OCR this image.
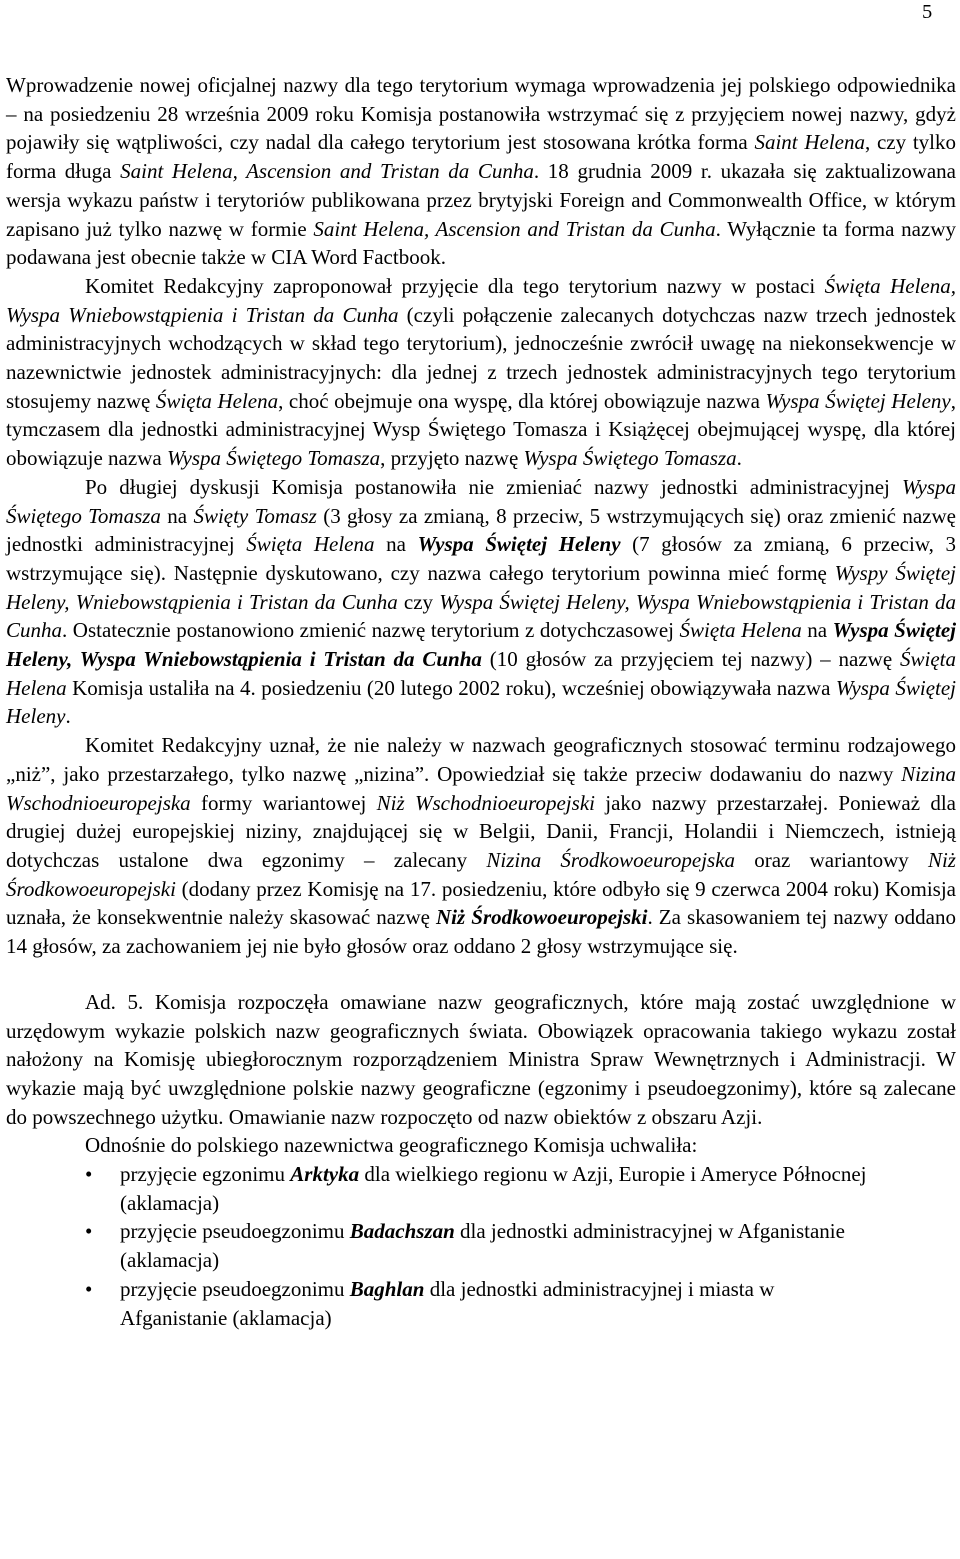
5

Wprowadzenie nowej oficjalnej nazwy dla tego terytorium wymaga wprowadzenia jej polskiego odpowiednika – na posiedzeniu 28 września 2009 roku Komisja postanowiła wstrzymać się z przyjęciem nowej nazwy, gdyż pojawiły się wątpliwości, czy nadal dla całego terytorium jest stosowana krótka forma Saint Helena, czy tylko forma długa Saint Helena, Ascension and Tristan da Cunha. 18 grudnia 2009 r. ukazała się zaktualizowana wersja wykazu państw i terytoriów publikowana przez brytyjski Foreign and Commonwealth Office, w którym zapisano już tylko nazwę w formie Saint Helena, Ascension and Tristan da Cunha. Wyłącznie ta forma nazwy podawana jest obecnie także w CIA Word Factbook.

Komitet Redakcyjny zaproponował przyjęcie dla tego terytorium nazwy w postaci Święta Helena, Wyspa Wniebowstąpienia i Tristan da Cunha (czyli połączenie zalecanych dotychczas nazw trzech jednostek administracyjnych wchodzących w skład tego terytorium), jednocześnie zwrócił uwagę na niekonsekwencje w nazewnictwie jednostek administracyjnych: dla jednej z trzech jednostek administracyjnych tego terytorium stosujemy nazwę Święta Helena, choć obejmuje ona wyspę, dla której obowiązuje nazwa Wyspa Świętej Heleny, tymczasem dla jednostki administracyjnej Wysp Świętego Tomasza i Książęcej obejmującej wyspę, dla której obowiązuje nazwa Wyspa Świętego Tomasza, przyjęto nazwę Wyspa Świętego Tomasza.

Po długiej dyskusji Komisja postanowiła nie zmieniać nazwy jednostki administracyjnej Wyspa Świętego Tomasza na Święty Tomasz (3 głosy za zmianą, 8 przeciw, 5 wstrzymujących się) oraz zmienić nazwę jednostki administracyjnej Święta Helena na Wyspa Świętej Heleny (7 głosów za zmianą, 6 przeciw, 3 wstrzymujące się). Następnie dyskutowano, czy nazwa całego terytorium powinna mieć formę Wyspy Świętej Heleny, Wniebowstąpienia i Tristan da Cunha czy Wyspa Świętej Heleny, Wyspa Wniebowstąpienia i Tristan da Cunha. Ostatecznie postanowiono zmienić nazwę terytorium z dotychczasowej Święta Helena na Wyspa Świętej Heleny, Wyspa Wniebowstąpienia i Tristan da Cunha (10 głosów za przyjęciem tej nazwy) – nazwę Święta Helena Komisja ustaliła na 4. posiedzeniu (20 lutego 2002 roku), wcześniej obowiązywała nazwa Wyspa Świętej Heleny.

Komitet Redakcyjny uznał, że nie należy w nazwach geograficznych stosować terminu rodzajowego „niż”, jako przestarzałego, tylko nazwę „nizina”. Opowiedział się także przeciw dodawaniu do nazwy Nizina Wschodnioeuropejska formy wariantowej Niż Wschodnioeuropejski jako nazwy przestarzałej. Ponieważ dla drugiej dużej europejskiej niziny, znajdującej się w Belgii, Danii, Francji, Holandii i Niemczech, istnieją dotychczas ustalone dwa egzonimy – zalecany Nizina Środkowoeuropejska oraz wariantowy Niż Środkowoeuropejski (dodany przez Komisję na 17. posiedzeniu, które odbyło się 9 czerwca 2004 roku) Komisja uznała, że konsekwentnie należy skasować nazwę Niż Środkowoeuropejski. Za skasowaniem tej nazwy oddano 14 głosów, za zachowaniem jej nie było głosów oraz oddano 2 głosy wstrzymujące się.

Ad. 5. Komisja rozpoczęła omawiane nazw geograficznych, które mają zostać uwzględnione w urzędowym wykazie polskich nazw geograficznych świata. Obowiązek opracowania takiego wykazu został nałożony na Komisję ubiegłorocznym rozporządzeniem Ministra Spraw Wewnętrznych i Administracji. W wykazie mają być uwzględnione polskie nazwy geograficzne (egzonimy i pseudoegzonimy), które są zalecane do powszechnego użytku. Omawianie nazw rozpoczęto od nazw obiektów z obszaru Azji.

Odnośnie do polskiego nazewnictwa geograficznego Komisja uchwaliła:

• przyjęcie egzonimu Arktyka dla wielkiego regionu w Azji, Europie i Ameryce Północnej (aklamacja)
• przyjęcie pseudoegzonimu Badachszan dla jednostki administracyjnej w Afganistanie (aklamacja)
• przyjęcie pseudoegzonimu Baghlan dla jednostki administracyjnej i miasta w Afganistanie (aklamacja)
